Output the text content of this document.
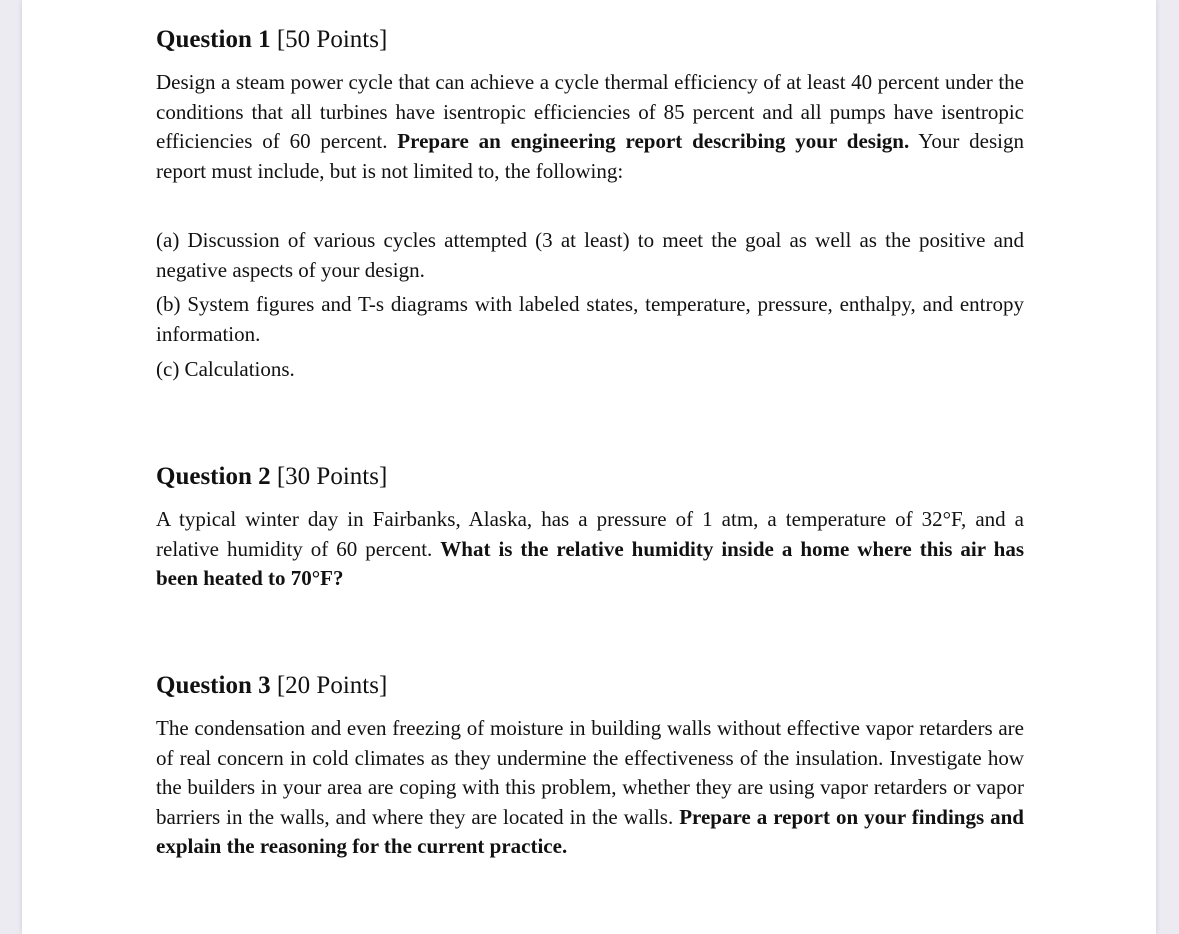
Question 1 [50 Points]
Design a steam power cycle that can achieve a cycle thermal efficiency of at least 40 percent under the conditions that all turbines have isentropic efficiencies of 85 percent and all pumps have isentropic efficiencies of 60 percent. Prepare an engineering report describing your design. Your design report must include, but is not limited to, the following:
(a) Discussion of various cycles attempted (3 at least) to meet the goal as well as the positive and negative aspects of your design.
(b) System figures and T-s diagrams with labeled states, temperature, pressure, enthalpy, and entropy information.
(c) Calculations.
Question 2 [30 Points]
A typical winter day in Fairbanks, Alaska, has a pressure of 1 atm, a temperature of 32°F, and a relative humidity of 60 percent. What is the relative humidity inside a home where this air has been heated to 70°F?
Question 3 [20 Points]
The condensation and even freezing of moisture in building walls without effective vapor retarders are of real concern in cold climates as they undermine the effectiveness of the insulation. Investigate how the builders in your area are coping with this problem, whether they are using vapor retarders or vapor barriers in the walls, and where they are located in the walls. Prepare a report on your findings and explain the reasoning for the current practice.
